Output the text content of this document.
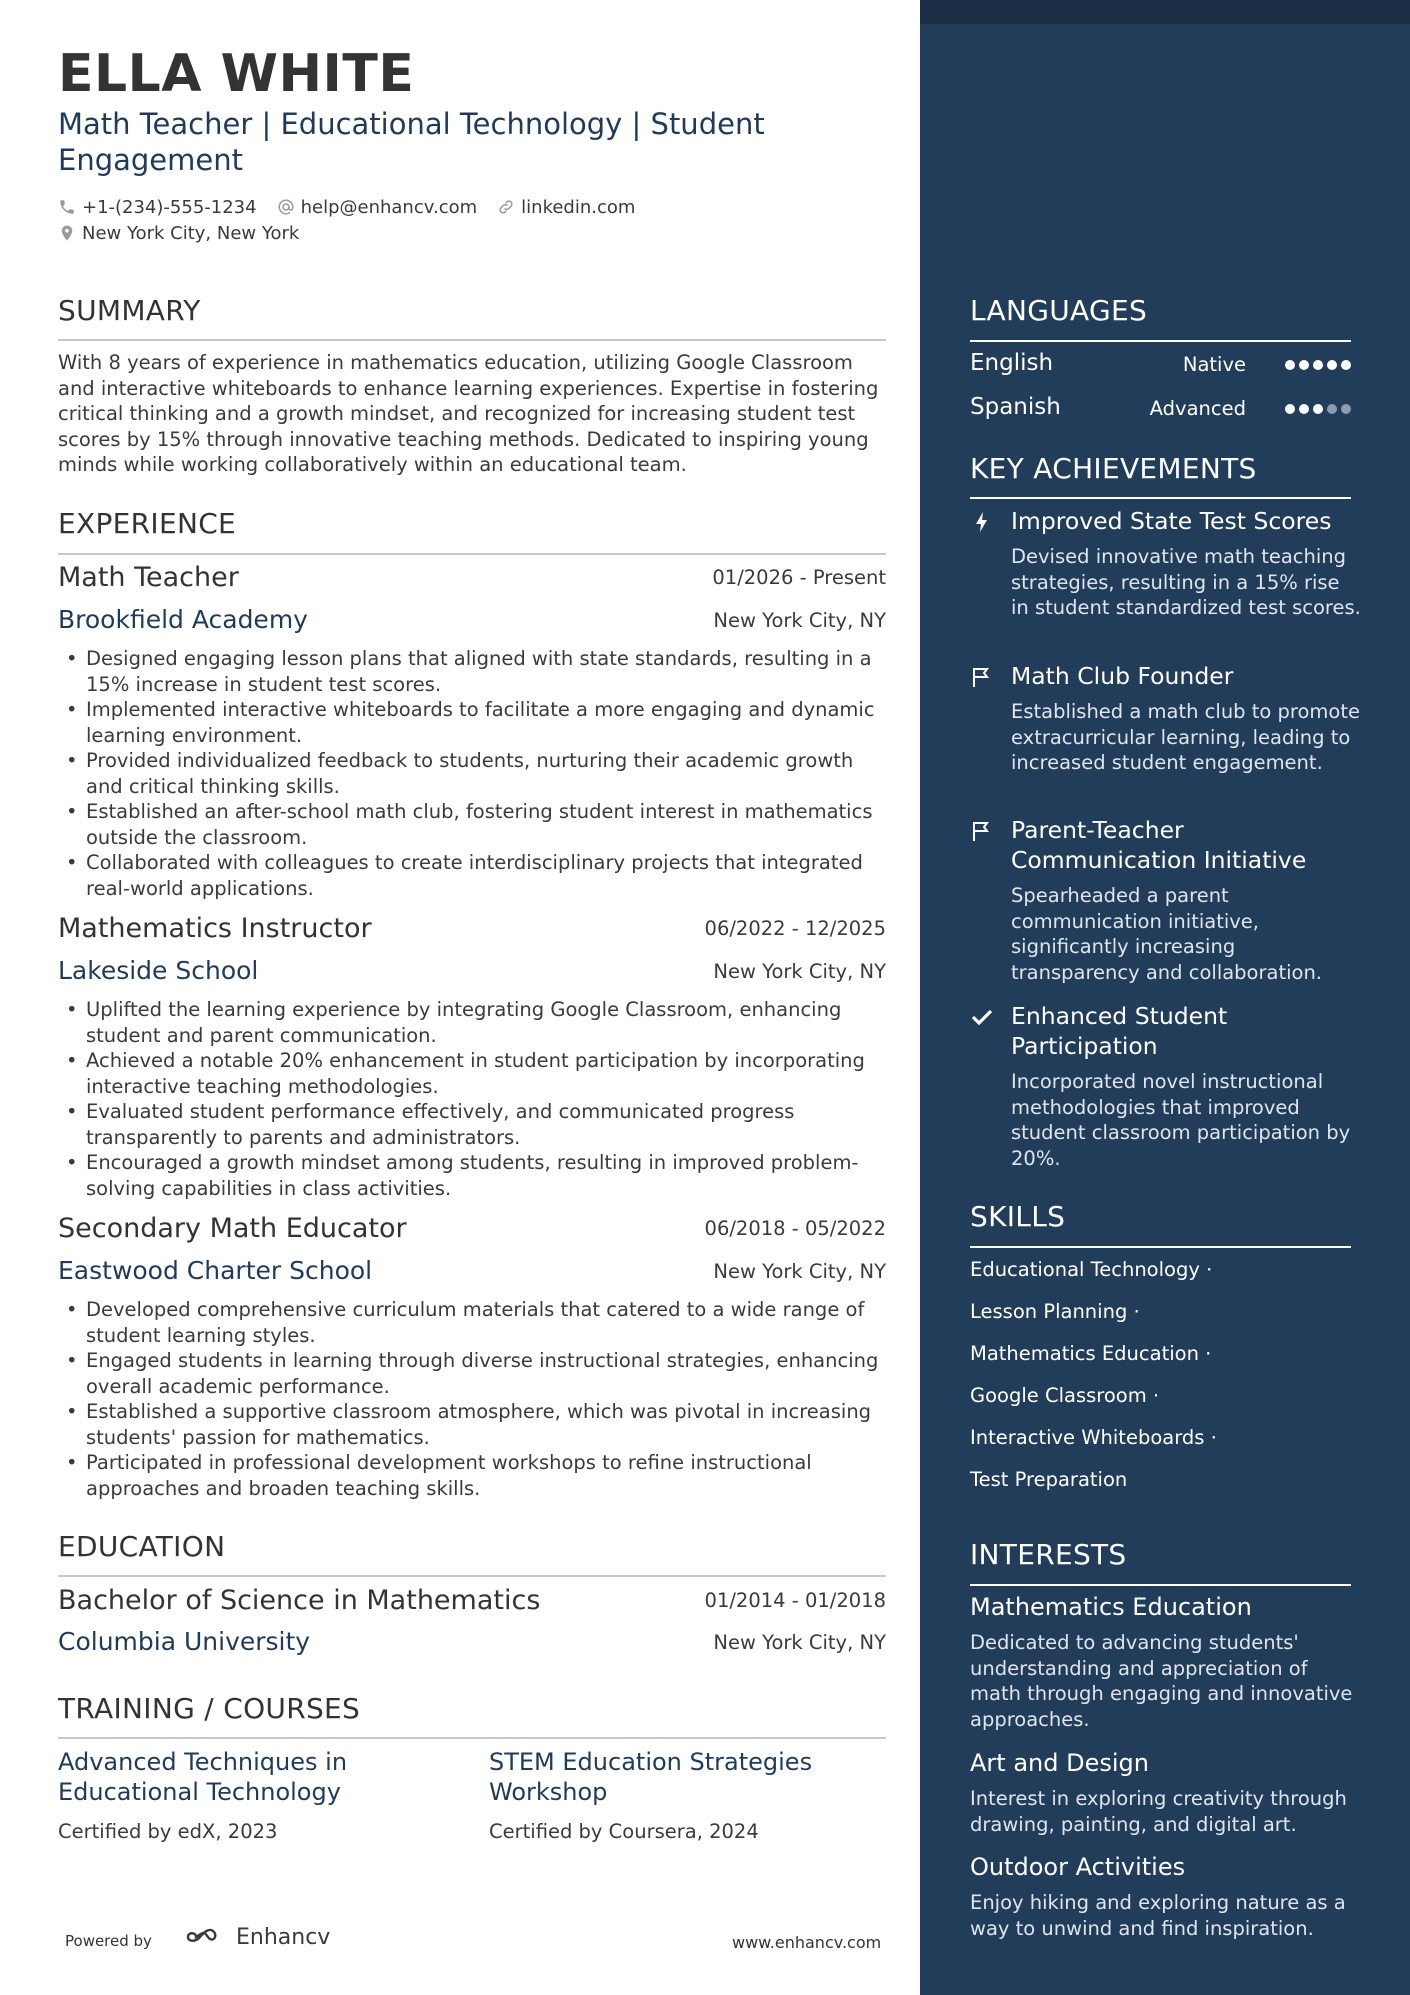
ELLA WHITE
Math Teacher | Educational Technology | Student Engagement
+1-(234)-555-1234 help@enhancv.com linkedin.com
New York City, New York
SUMMARY
With 8 years of experience in mathematics education, utilizing Google Classroom and interactive whiteboards to enhance learning experiences. Expertise in fostering critical thinking and a growth mindset, and recognized for increasing student test scores by 15% through innovative teaching methods. Dedicated to inspiring young minds while working collaboratively within an educational team.
EXPERIENCE
Math Teacher	01/2026 - Present
Brookfield Academy	New York City, NY
• Designed engaging lesson plans that aligned with state standards, resulting in a 15% increase in student test scores.
• Implemented interactive whiteboards to facilitate a more engaging and dynamic learning environment.
• Provided individualized feedback to students, nurturing their academic growth and critical thinking skills.
• Established an after-school math club, fostering student interest in mathematics outside the classroom.
• Collaborated with colleagues to create interdisciplinary projects that integrated real-world applications.
Mathematics Instructor	06/2022 - 12/2025
Lakeside School	New York City, NY
• Uplifted the learning experience by integrating Google Classroom, enhancing student and parent communication.
• Achieved a notable 20% enhancement in student participation by incorporating interactive teaching methodologies.
• Evaluated student performance effectively, and communicated progress transparently to parents and administrators.
• Encouraged a growth mindset among students, resulting in improved problem-solving capabilities in class activities.
Secondary Math Educator	06/2018 - 05/2022
Eastwood Charter School	New York City, NY
• Developed comprehensive curriculum materials that catered to a wide range of student learning styles.
• Engaged students in learning through diverse instructional strategies, enhancing overall academic performance.
• Established a supportive classroom atmosphere, which was pivotal in increasing students' passion for mathematics.
• Participated in professional development workshops to refine instructional approaches and broaden teaching skills.
EDUCATION
Bachelor of Science in Mathematics	01/2014 - 01/2018
Columbia University	New York City, NY
TRAINING / COURSES
Advanced Techniques in Educational Technology
Certified by edX, 2023
STEM Education Strategies Workshop
Certified by Coursera, 2024
Powered by	Enhancv	www.enhancv.com
LANGUAGES
English	Native
Spanish	Advanced
KEY ACHIEVEMENTS
Improved State Test Scores
Devised innovative math teaching strategies, resulting in a 15% rise in student standardized test scores.
Math Club Founder
Established a math club to promote extracurricular learning, leading to increased student engagement.
Parent-Teacher Communication Initiative
Spearheaded a parent communication initiative, significantly increasing transparency and collaboration.
Enhanced Student Participation
Incorporated novel instructional methodologies that improved student classroom participation by 20%.
SKILLS
Educational Technology ·
Lesson Planning ·
Mathematics Education ·
Google Classroom ·
Interactive Whiteboards ·
Test Preparation
INTERESTS
Mathematics Education
Dedicated to advancing students' understanding and appreciation of math through engaging and innovative approaches.
Art and Design
Interest in exploring creativity through drawing, painting, and digital art.
Outdoor Activities
Enjoy hiking and exploring nature as a way to unwind and find inspiration.
